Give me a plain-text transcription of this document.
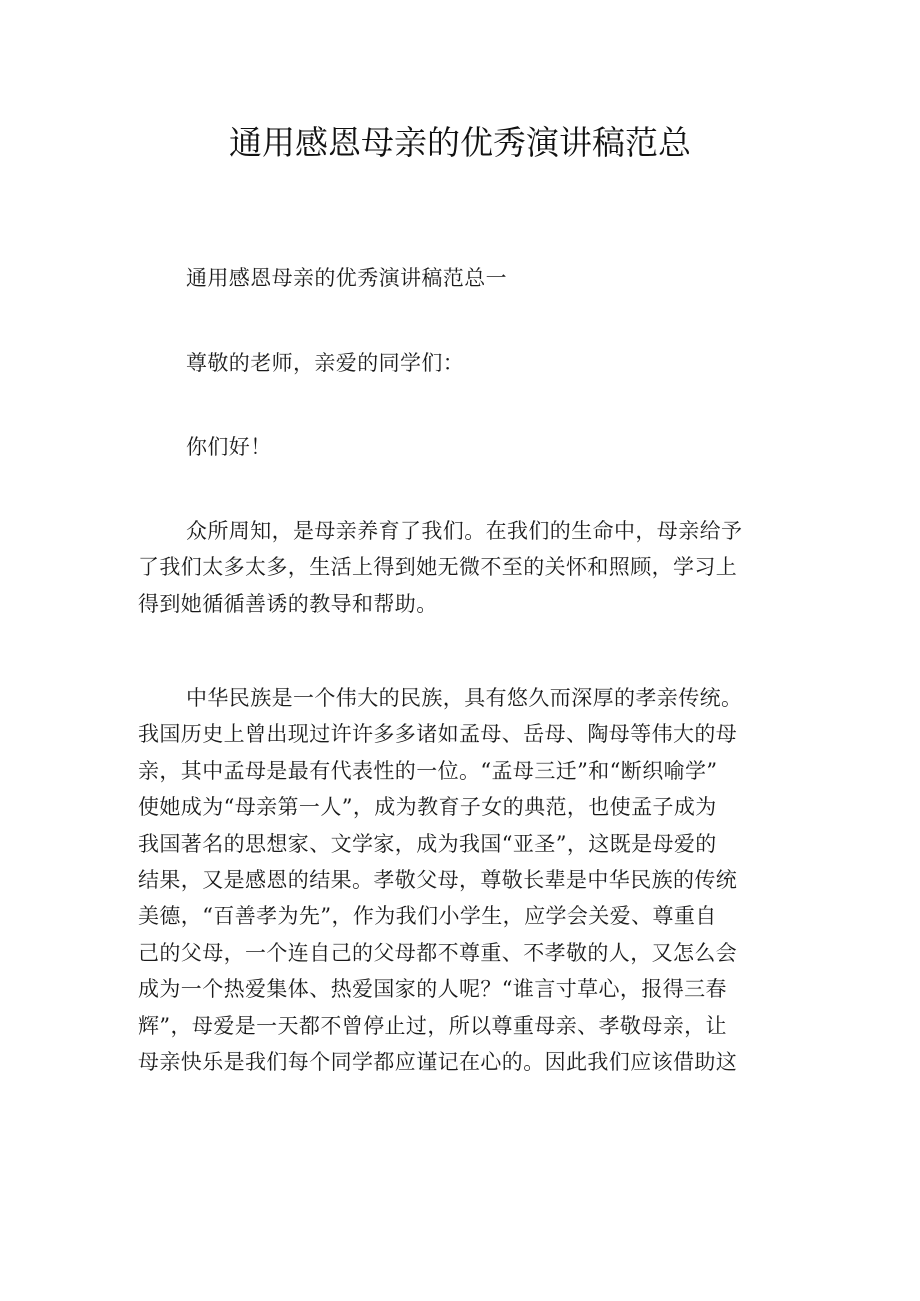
通用感恩母亲的优秀演讲稿范总

通用感恩母亲的优秀演讲稿范总一

尊敬的老师，亲爱的同学们：

你们好！

众所周知，是母亲养育了我们。在我们的生命中，母亲给予
了我们太多太多，生活上得到她无微不至的关怀和照顾，学习上
得到她循循善诱的教导和帮助。

中华民族是一个伟大的民族，具有悠久而深厚的孝亲传统。
我国历史上曾出现过许许多多诸如孟母、岳母、陶母等伟大的母
亲，其中孟母是最有代表性的一位。“孟母三迁”和“断织喻学”
使她成为“母亲第一人”，成为教育子女的典范，也使孟子成为
我国著名的思想家、文学家，成为我国“亚圣”，这既是母爱的
结果，又是感恩的结果。孝敬父母，尊敬长辈是中华民族的传统
美德，“百善孝为先”，作为我们小学生，应学会关爱、尊重自
己的父母，一个连自己的父母都不尊重、不孝敬的人，又怎么会
成为一个热爱集体、热爱国家的人呢？“谁言寸草心，报得三春
辉”，母爱是一天都不曾停止过，所以尊重母亲、孝敬母亲，让
母亲快乐是我们每个同学都应谨记在心的。因此我们应该借助这
